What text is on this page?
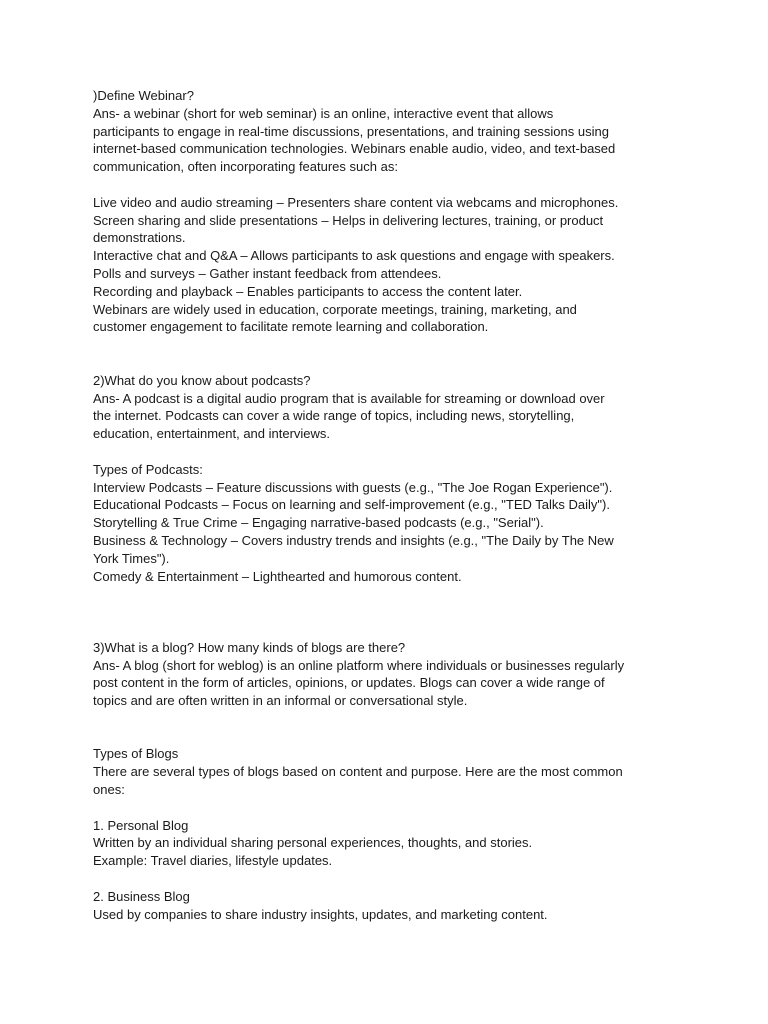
)Define Webinar?
Ans- a webinar (short for web seminar) is an online, interactive event that allows
participants to engage in real-time discussions, presentations, and training sessions using
internet-based communication technologies. Webinars enable audio, video, and text-based
communication, often incorporating features such as:
Live video and audio streaming – Presenters share content via webcams and microphones.
Screen sharing and slide presentations – Helps in delivering lectures, training, or product
demonstrations.
Interactive chat and Q&A – Allows participants to ask questions and engage with speakers.
Polls and surveys – Gather instant feedback from attendees.
Recording and playback – Enables participants to access the content later.
Webinars are widely used in education, corporate meetings, training, marketing, and
customer engagement to facilitate remote learning and collaboration.
2)What do you know about podcasts?
Ans- A podcast is a digital audio program that is available for streaming or download over
the internet. Podcasts can cover a wide range of topics, including news, storytelling,
education, entertainment, and interviews.
Types of Podcasts:
Interview Podcasts – Feature discussions with guests (e.g., "The Joe Rogan Experience").
Educational Podcasts – Focus on learning and self-improvement (e.g., "TED Talks Daily").
Storytelling & True Crime – Engaging narrative-based podcasts (e.g., "Serial").
Business & Technology – Covers industry trends and insights (e.g., "The Daily by The New
York Times").
Comedy & Entertainment – Lighthearted and humorous content.
3)What is a blog? How many kinds of blogs are there?
Ans- A blog (short for weblog) is an online platform where individuals or businesses regularly
post content in the form of articles, opinions, or updates. Blogs can cover a wide range of
topics and are often written in an informal or conversational style.
Types of Blogs
There are several types of blogs based on content and purpose. Here are the most common
ones:
1. Personal Blog
Written by an individual sharing personal experiences, thoughts, and stories.
Example: Travel diaries, lifestyle updates.
2. Business Blog
Used by companies to share industry insights, updates, and marketing content.
